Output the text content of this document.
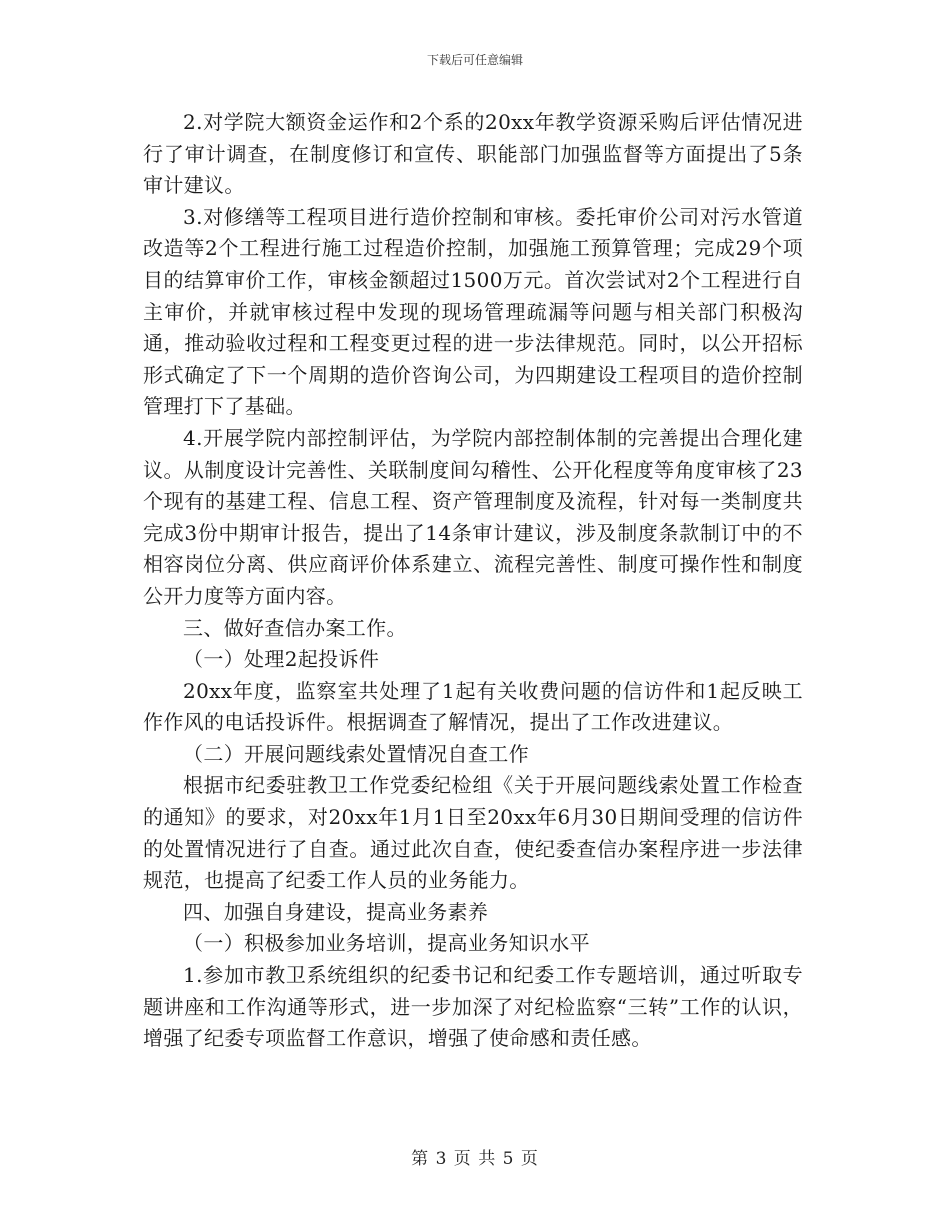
下载后可任意编辑

2.对学院大额资金运作和2个系的20xx年教学资源采购后评估情况进行了审计调查，在制度修订和宣传、职能部门加强监督等方面提出了5条审计建议。

3.对修缮等工程项目进行造价控制和审核。委托审价公司对污水管道改造等2个工程进行施工过程造价控制，加强施工预算管理；完成29个项目的结算审价工作，审核金额超过1500万元。首次尝试对2个工程进行自主审价，并就审核过程中发现的现场管理疏漏等问题与相关部门积极沟通，推动验收过程和工程变更过程的进一步法律规范。同时，以公开招标形式确定了下一个周期的造价咨询公司，为四期建设工程项目的造价控制管理打下了基础。

4.开展学院内部控制评估，为学院内部控制体制的完善提出合理化建议。从制度设计完善性、关联制度间勾稽性、公开化程度等角度审核了23个现有的基建工程、信息工程、资产管理制度及流程，针对每一类制度共完成3份中期审计报告，提出了14条审计建议，涉及制度条款制订中的不相容岗位分离、供应商评价体系建立、流程完善性、制度可操作性和制度公开力度等方面内容。

三、做好查信办案工作。

（一）处理2起投诉件

20xx年度，监察室共处理了1起有关收费问题的信访件和1起反映工作作风的电话投诉件。根据调查了解情况，提出了工作改进建议。

（二）开展问题线索处置情况自查工作

根据市纪委驻教卫工作党委纪检组《关于开展问题线索处置工作检查的通知》的要求，对20xx年1月1日至20xx年6月30日期间受理的信访件的处置情况进行了自查。通过此次自查，使纪委查信办案程序进一步法律规范，也提高了纪委工作人员的业务能力。

四、加强自身建设，提高业务素养

（一）积极参加业务培训，提高业务知识水平

1.参加市教卫系统组织的纪委书记和纪委工作专题培训，通过听取专题讲座和工作沟通等形式，进一步加深了对纪检监察“三转”工作的认识，增强了纪委专项监督工作意识，增强了使命感和责任感。

第 3 页 共 5 页
